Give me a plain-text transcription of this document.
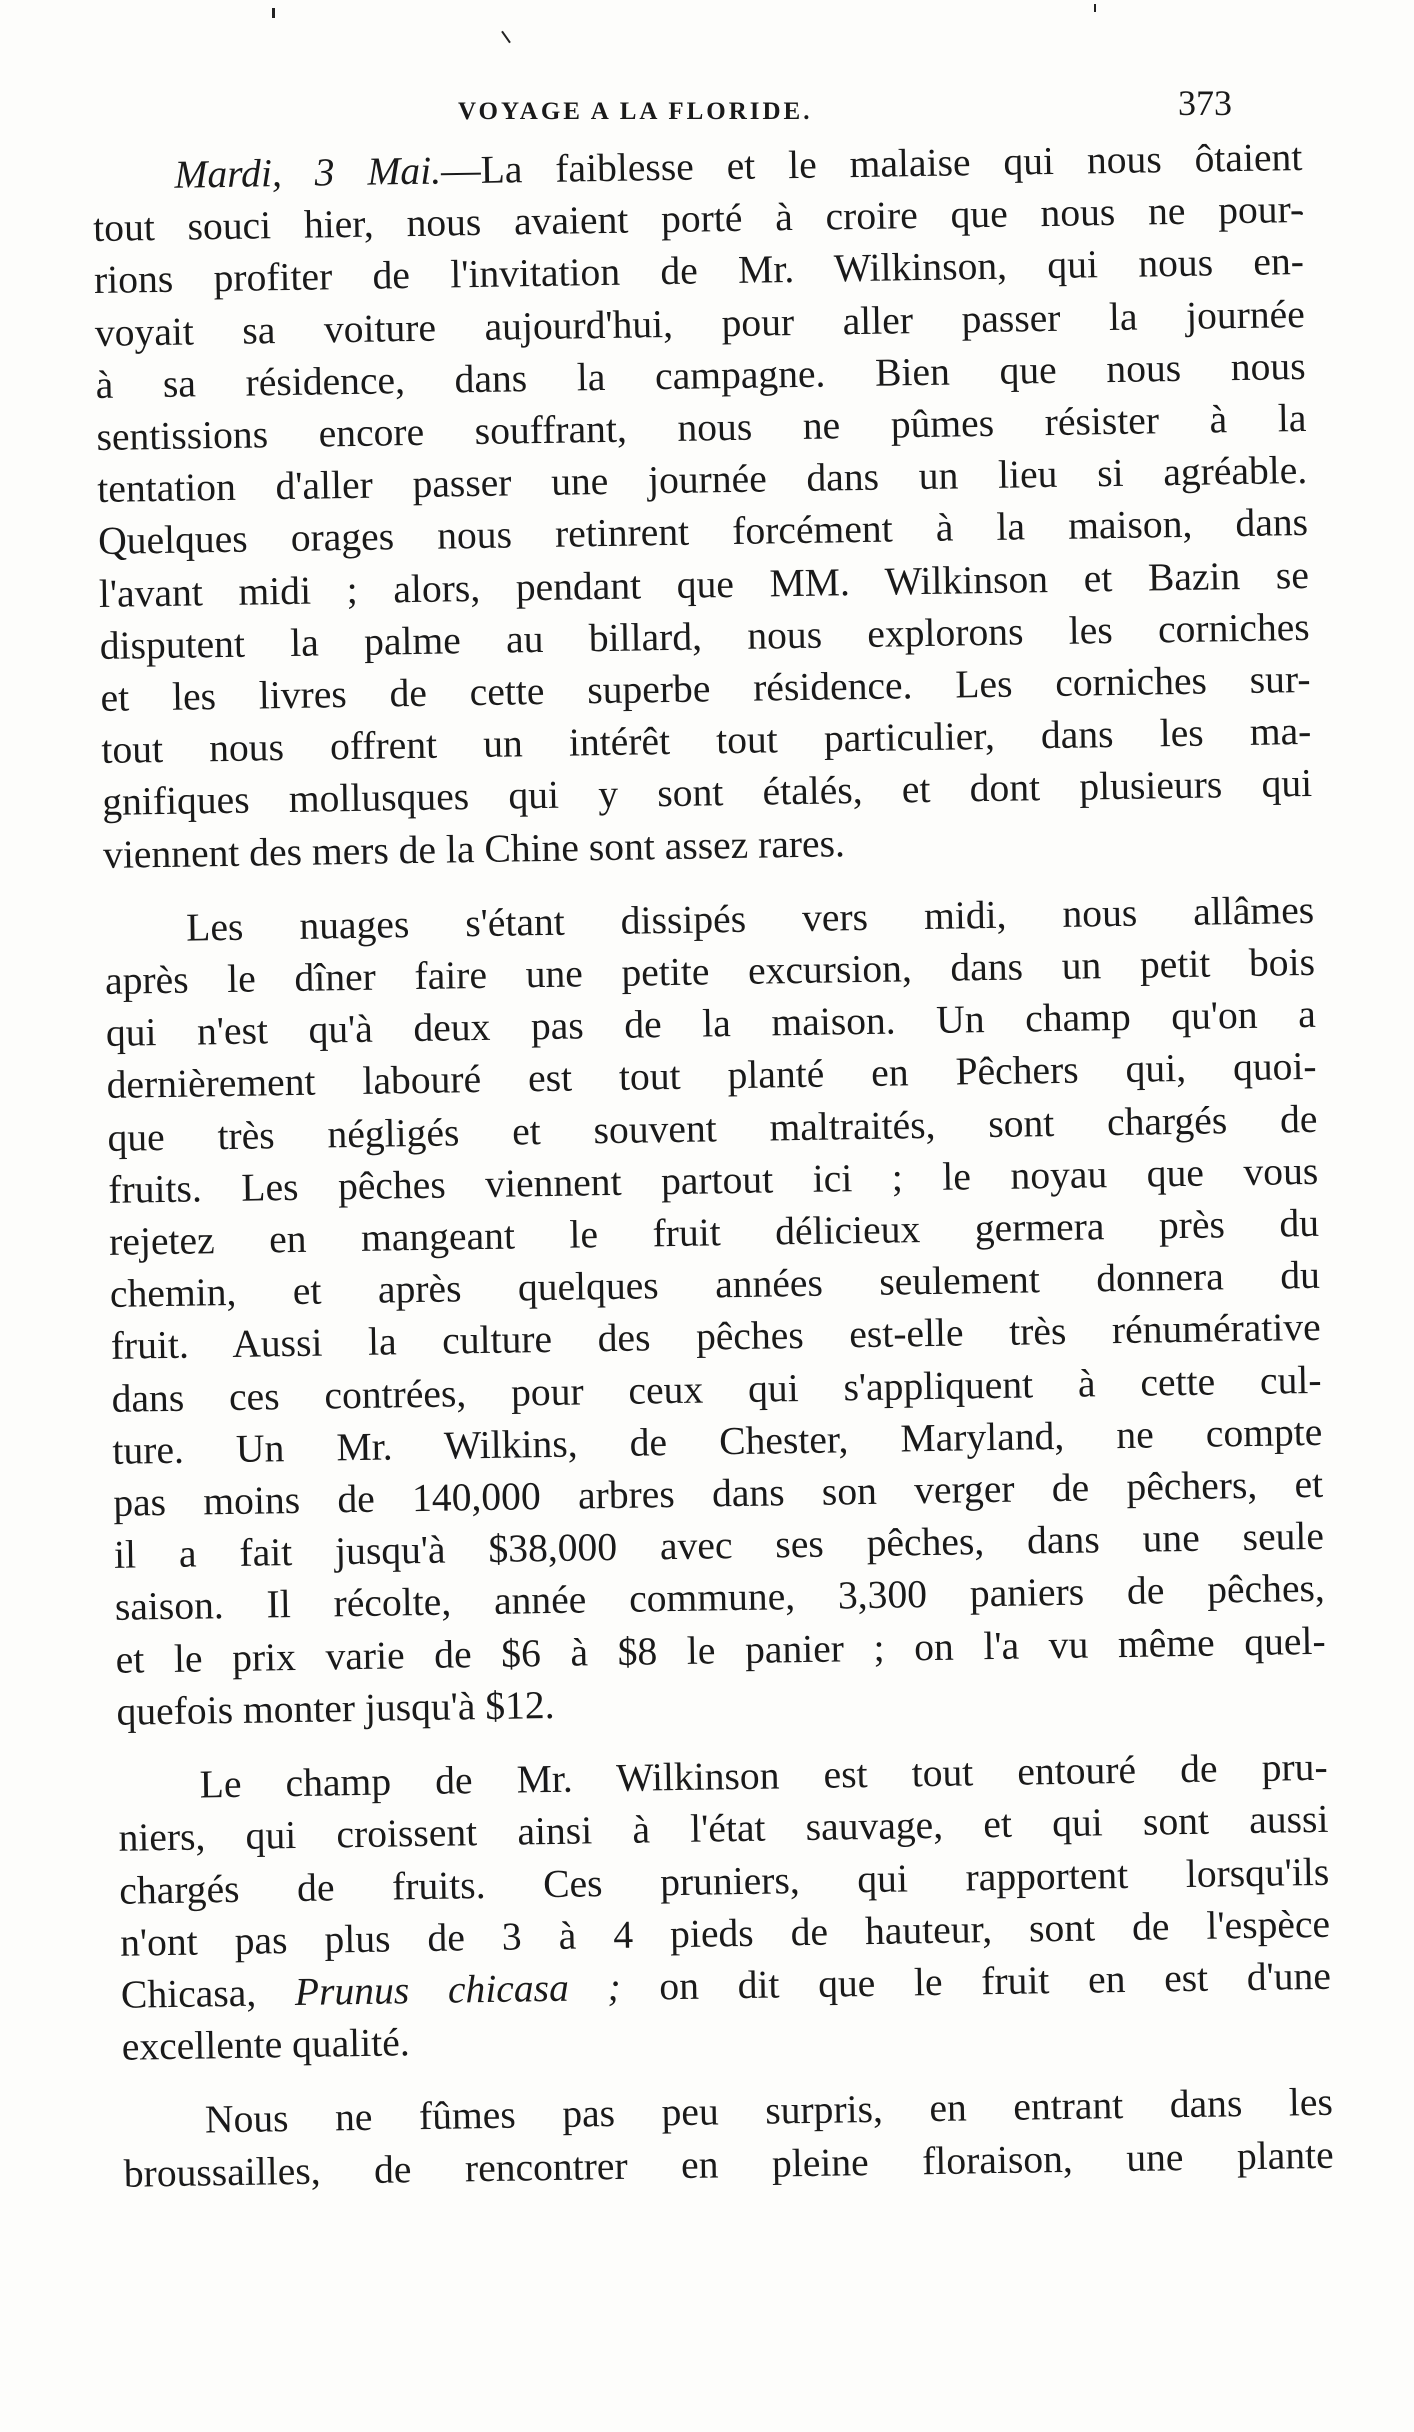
VOYAGE A LA FLORIDE.	373

Mardi, 3 Mai.—La faiblesse et le malaise qui nous ôtaient
tout souci hier, nous avaient porté à croire que nous ne pour-
rions profiter de l'invitation de Mr. Wilkinson, qui nous en-
voyait sa voiture aujourd'hui, pour aller passer la journée
à sa résidence, dans la campagne. Bien que nous nous
sentissions encore souffrant, nous ne pûmes résister à la
tentation d'aller passer une journée dans un lieu si agréable.
Quelques orages nous retinrent forcément à la maison, dans
l'avant midi ; alors, pendant que MM. Wilkinson et Bazin se
disputent la palme au billard, nous explorons les corniches
et les livres de cette superbe résidence. Les corniches sur-
tout nous offrent un intérêt tout particulier, dans les ma-
gnifiques mollusques qui y sont étalés, et dont plusieurs qui
viennent des mers de la Chine sont assez rares.

Les nuages s'étant dissipés vers midi, nous allâmes
après le dîner faire une petite excursion, dans un petit bois
qui n'est qu'à deux pas de la maison. Un champ qu'on a
dernièrement labouré est tout planté en Pêchers qui, quoi-
que très négligés et souvent maltraités, sont chargés de
fruits. Les pêches viennent partout ici ; le noyau que vous
rejetez en mangeant le fruit délicieux germera près du
chemin, et après quelques années seulement donnera du
fruit. Aussi la culture des pêches est-elle très rénumérative
dans ces contrées, pour ceux qui s'appliquent à cette cul-
ture. Un Mr. Wilkins, de Chester, Maryland, ne compte
pas moins de 140,000 arbres dans son verger de pêchers, et
il a fait jusqu'à $38,000 avec ses pêches, dans une seule
saison. Il récolte, année commune, 3,300 paniers de pêches,
et le prix varie de $6 à $8 le panier ; on l'a vu même quel-
quefois monter jusqu'à $12.

Le champ de Mr. Wilkinson est tout entouré de pru-
niers, qui croissent ainsi à l'état sauvage, et qui sont aussi
chargés de fruits. Ces pruniers, qui rapportent lorsqu'ils
n'ont pas plus de 3 à 4 pieds de hauteur, sont de l'espèce
Chicasa, Prunus chicasa ; on dit que le fruit en est d'une
excellente qualité.

Nous ne fûmes pas peu surpris, en entrant dans les
broussailles, de rencontrer en pleine floraison, une plante
